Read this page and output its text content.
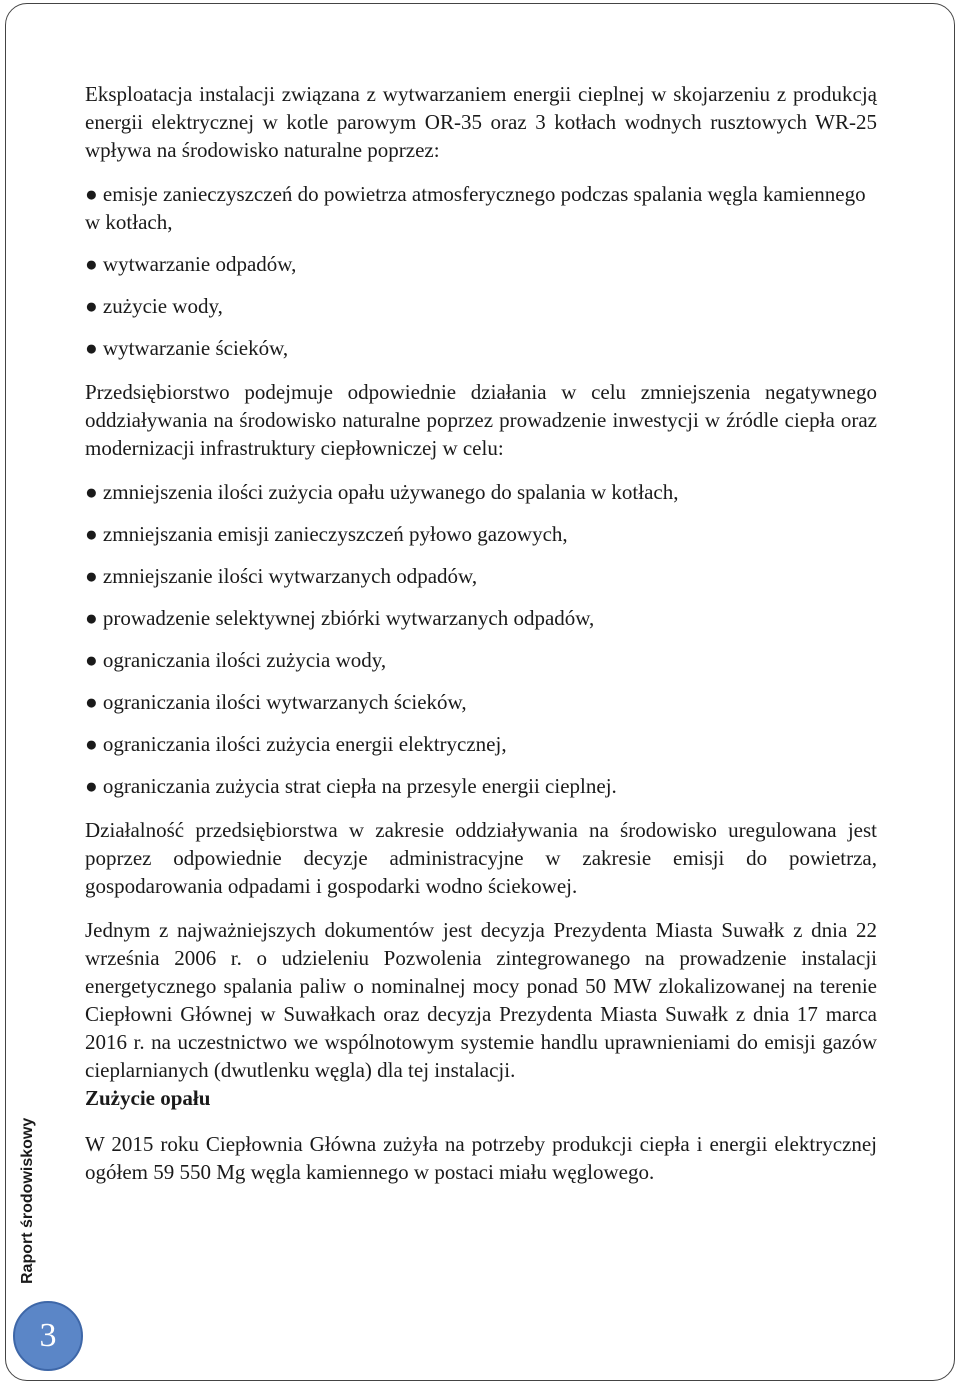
Eksploatacja instalacji związana z wytwarzaniem energii cieplnej w skojarzeniu z produkcją energii elektrycznej w kotle parowym OR-35 oraz 3 kotłach wodnych rusztowych WR-25 wpływa na środowisko naturalne poprzez:

● emisje zanieczyszczeń do powietrza atmosferycznego podczas spalania węgla kamiennego w kotłach,

● wytwarzanie odpadów,

● zużycie wody,

● wytwarzanie ścieków,

Przedsiębiorstwo podejmuje odpowiednie działania w celu zmniejszenia negatywnego oddziaływania na środowisko naturalne poprzez prowadzenie inwestycji w źródle ciepła oraz modernizacji infrastruktury ciepłowniczej w celu:

● zmniejszenia ilości zużycia opału używanego do spalania w kotłach,

● zmniejszania emisji zanieczyszczeń pyłowo gazowych,

● zmniejszanie ilości wytwarzanych odpadów,

● prowadzenie selektywnej zbiórki wytwarzanych odpadów,

● ograniczania ilości zużycia wody,

● ograniczania ilości wytwarzanych ścieków,

● ograniczania ilości zużycia energii elektrycznej,

● ograniczania zużycia strat ciepła na przesyle energii cieplnej.

Działalność przedsiębiorstwa w zakresie oddziaływania na środowisko uregulowana jest poprzez odpowiednie decyzje administracyjne w zakresie emisji do powietrza, gospodarowania odpadami i gospodarki wodno ściekowej.

Jednym z najważniejszych dokumentów jest decyzja Prezydenta Miasta Suwałk z dnia 22 września 2006 r. o udzieleniu Pozwolenia zintegrowanego na prowadzenie instalacji energetycznego spalania paliw o nominalnej mocy ponad 50 MW zlokalizowanej na terenie Ciepłowni Głównej w Suwałkach oraz decyzja Prezydenta Miasta Suwałk z dnia 17 marca 2016 r. na uczestnictwo we wspólnotowym systemie handlu uprawnieniami do emisji gazów cieplarnianych (dwutlenku węgla) dla tej instalacji.

Zużycie opału

W 2015 roku Ciepłownia Główna zużyła na potrzeby produkcji ciepła i energii elektrycznej ogółem 59 550 Mg węgla kamiennego w postaci miału węglowego.

Raport środowiskowy
3
